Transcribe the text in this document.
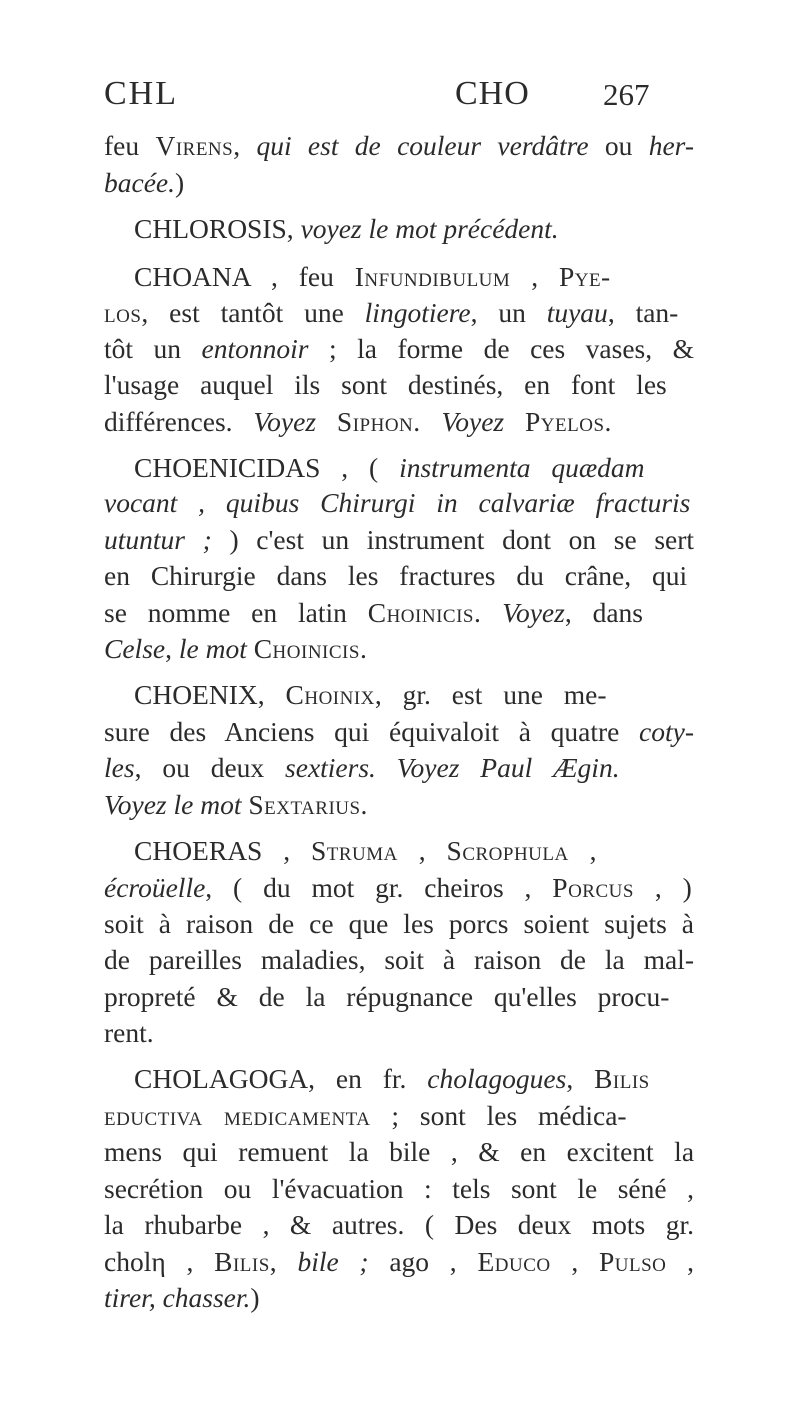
CHL	CHO 267
feu Virens, qui est de couleur verdâtre ou her-
bacée.)
CHLOROSIS, voyez le mot précédent.
CHOANA , feu Infundibulum , Pye-
los, est tantôt une lingotiere, un tuyau, tan-
tôt un entonnoir ; la forme de ces vases, &
l'usage auquel ils sont destinés, en font les
différences. Voyez Siphon. Voyez Pyelos.
CHOENICIDAS , ( instrumenta quædam
vocant , quibus Chirurgi in calvariæ fracturis
utuntur ; ) c'est un instrument dont on se sert
en Chirurgie dans les fractures du crâne, qui
se nomme en latin Choinicis. Voyez, dans
Celse, le mot Choinicis.
CHOENIX, Choinix, gr. est une me-
sure des Anciens qui équivaloit à quatre coty-
les, ou deux sextiers. Voyez Paul Ægin.
Voyez le mot Sextarius.
CHOERAS , Struma , Scrophula ,
écroüelle, ( du mot gr. cheiros , Porcus , )
soit à raison de ce que les porcs soient sujets à
de pareilles maladies, soit à raison de la mal-
propreté & de la répugnance qu'elles procu-
rent.
CHOLAGOGA, en fr. cholagogues, Bilis
eductiva medicamenta ; sont les médica-
mens qui remuent la bile , & en excitent la
secrétion ou l'évacuation : tels sont le séné ,
la rhubarbe , & autres. ( Des deux mots gr.
cholη , Bilis, bile ; ago , Educo , Pulso ,
tirer, chasser.)
